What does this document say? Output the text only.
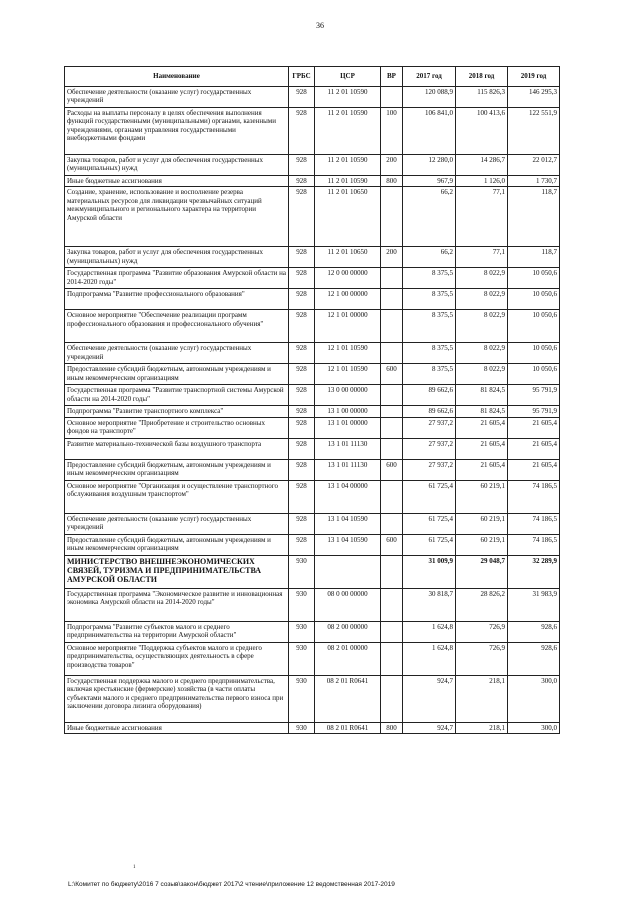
36
Наименование	ГРБС	ЦСР	ВР	2017 год	2018 год	2019 год
Обеспечение деятельности (оказание услуг) государственных учреждений	928	11 2 01 10590		120 088,9	115 826,3	146 295,3
Расходы на выплаты персоналу в целях обеспечения выполнения функций государственными (муниципальными) органами, казенными учреждениями, органами управления государственными внебюджетными фондами	928	11 2 01 10590	100	106 841,0	100 413,6	122 551,9
Закупка товаров, работ и услуг для обеспечения государственных (муниципальных) нужд	928	11 2 01 10590	200	12 280,0	14 286,7	22 012,7
Иные бюджетные ассигнования	928	11 2 01 10590	800	967,9	1 126,0	1 730,7
Создание, хранение, использование и восполнение резерва материальных ресурсов для ликвидации чрезвычайных ситуаций межмуниципального и регионального характера на территории Амурской области	928	11 2 01 10650		66,2	77,1	118,7
Закупка товаров, работ и услуг для обеспечения государственных (муниципальных) нужд	928	11 2 01 10650	200	66,2	77,1	118,7
Государственная программа "Развитие образования Амурской области на 2014-2020 годы"	928	12 0 00 00000		8 375,5	8 022,9	10 050,6
Подпрограмма "Развитие профессионального образования"	928	12 1 00 00000		8 375,5	8 022,9	10 050,6
Основное мероприятие "Обеспечение реализации программ профессионального образования и профессионального обучения"	928	12 1 01 00000		8 375,5	8 022,9	10 050,6
Обеспечение деятельности (оказание услуг) государственных учреждений	928	12 1 01 10590		8 375,5	8 022,9	10 050,6
Предоставление субсидий бюджетным, автономным учреждениям и иным некоммерческим организациям	928	12 1 01 10590	600	8 375,5	8 022,9	10 050,6
Государственная программа "Развитие транспортной системы Амурской области на 2014-2020 годы"	928	13 0 00 00000		89 662,6	81 824,5	95 791,9
Подпрограмма "Развитие транспортного комплекса"	928	13 1 00 00000		89 662,6	81 824,5	95 791,9
Основное мероприятие "Приобретение и строительство основных фондов на транспорте"	928	13 1 01 00000		27 937,2	21 605,4	21 605,4
Развитие материально-технической базы воздушного транспорта	928	13 1 01 11130		27 937,2	21 605,4	21 605,4
Предоставление субсидий бюджетным, автономным учреждениям и иным некоммерческим организациям	928	13 1 01 11130	600	27 937,2	21 605,4	21 605,4
Основное мероприятие "Организация и осуществление транспортного обслуживания воздушным транспортом"	928	13 1 04 00000		61 725,4	60 219,1	74 186,5
Обеспечение деятельности (оказание услуг) государственных учреждений	928	13 1 04 10590		61 725,4	60 219,1	74 186,5
Предоставление субсидий бюджетным, автономным учреждениям и иным некоммерческим организациям	928	13 1 04 10590	600	61 725,4	60 219,1	74 186,5
МИНИСТЕРСТВО ВНЕШНЕЭКОНОМИЧЕСКИХ СВЯЗЕЙ, ТУРИЗМА И ПРЕДПРИНИМАТЕЛЬСТВА АМУРСКОЙ ОБЛАСТИ	930			31 009,9	29 048,7	32 289,9
Государственная программа "Экономическое развитие и инновационная экономика Амурской области на 2014-2020 годы"	930	08 0 00 00000		30 818,7	28 826,2	31 983,9
Подпрограмма "Развитие субъектов малого и среднего предпринимательства на территории Амурской области"	930	08 2 00 00000		1 624,8	726,9	928,6
Основное мероприятие "Поддержка субъектов малого и среднего предпринимательства, осуществляющих деятельность в сфере производства товаров"	930	08 2 01 00000		1 624,8	726,9	928,6
Государственная поддержка малого и среднего предпринимательства, включая крестьянские (фермерские) хозяйства (в части оплаты субъектами малого и среднего предпринимательства первого взноса при заключении договора лизинга оборудования)	930	08 2 01 R0641		924,7	218,1	300,0
Иные бюджетные ассигнования	930	08 2 01 R0641	800	924,7	218,1	300,0
1
L:\Комитет по бюджету\2016 7 созыв\закон\бюджет 2017\2 чтение\приложение 12 ведомственная 2017-2019
